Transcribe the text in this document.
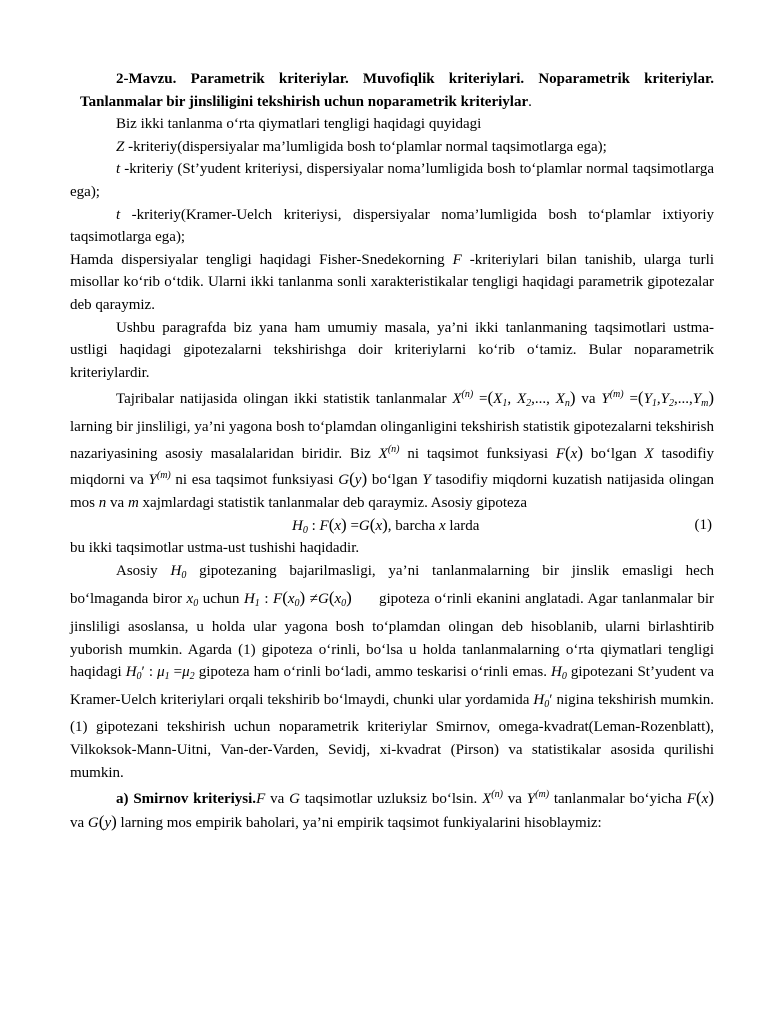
2-Mavzu. Parametrik kriteriylar. Muvofiqlik kriteriylari. Noparametrik kriteriylar. Tanlanmalar bir jinsliligini tekshirish uchun noparametrik kriteriylar.

Biz ikki tanlanma o‘rta qiymatlari tengligi haqidagi quyidagi

Z -kriteriy(dispersiyalar ma’lumligida bosh to‘plamlar normal taqsimotlarga ega);

t -kriteriy (St’yudent kriteriysi, dispersiyalar noma’lumligida bosh to‘plamlar normal taqsimotlarga ega);

t -kriteriy(Kramer-Uelch kriteriysi, dispersiyalar noma’lumligida bosh to‘plamlar ixtiyoriy taqsimotlarga ega);

Hamda dispersiyalar tengligi haqidagi Fisher-Snedekorning F -kriteriylari bilan tanishib, ularga turli misollar ko‘rib o‘tdik. Ularni ikki tanlanma sonli xarakteristikalar tengligi haqidagi parametrik gipotezalar deb qaraymiz.

Ushbu paragrafda biz yana ham umumiy masala, ya’ni ikki tanlanmaning taqsimotlari ustma-ustligi haqidagi gipotezalarni tekshirishga doir kriteriylarni ko‘rib o‘tamiz. Bular noparametrik kriteriylardir.

Tajribalar natijasida olingan ikki statistik tanlanmalar $X^{(n)} =(X_1$, $X_2$,..., $X_n$) va $Y^{(m)} =(Y_1,Y_2,...,Y_m)$ larning bir jinsliligi, ya’ni yagona bosh to‘plamdan olinganligini tekshirish statistik gipotezalarni tekshirish nazariyasining asosiy masalalaridan biridir. Biz $X^{(n)}$ ni taqsimot funksiyasi F(x) bo‘lgan X tasodifiy miqdorni va $Y^{(m)}$ ni esa taqsimot funksiyasi G(y) bo‘lgan Y tasodifiy miqdorni kuzatish natijasida olingan mos n va m xajmlardagi statistik tanlanmalar deb qaraymiz. Asosiy gipoteza

$H_0$ : F(x) =G(x), barcha x larda	(1)

bu ikki taqsimotlar ustma-ust tushishi haqidadir.

Asosiy $H_0$ gipotezaning bajarilmasligi, ya’ni tanlanmalarning bir jinslik emasligi hech bo‘lmaganda biror $x_0$ uchun $H_1$ : $F(x_0) \ne G(x_0)$      gipoteza o‘rinli ekanini anglatadi. Agar tanlanmalar bir jinsliligi asoslansa, u holda ular yagona bosh to‘plamdan olingan deb hisoblanib, ularni birlashtirib yuborish mumkin. Agarda (1) gipoteza o‘rinli, bo‘lsa u holda tanlanmalarning o‘rta qiymatlari tengligi haqidagi $H_0'$ : $\mu_1 =\mu_2$ gipoteza ham o‘rinli bo‘ladi, ammo teskarisi o‘rinli emas. $H_0$ gipotezani St’yudent va Kramer-Uelch kriteriylari orqali tekshirib bo‘lmaydi, chunki ular yordamida $H_0'$ nigina tekshirish mumkin. (1) gipotezani tekshirish uchun noparametrik kriteriylar Smirnov, omega-kvadrat(Leman-Rozenblatt), Vilkoksok-Mann-Uitni, Van-der-Varden, Sevidj, xi-kvadrat (Pirson) va statistikalar asosida qurilishi mumkin.

a) Smirnov kriteriysi.F va G taqsimotlar uzluksiz bo‘lsin. $X^{(n)}$ va $Y^{(m)}$ tanlanmalar bo‘yicha F(x) va G(y) larning mos empirik baholari, ya’ni empirik taqsimot funkiyalarini hisoblaymiz:
